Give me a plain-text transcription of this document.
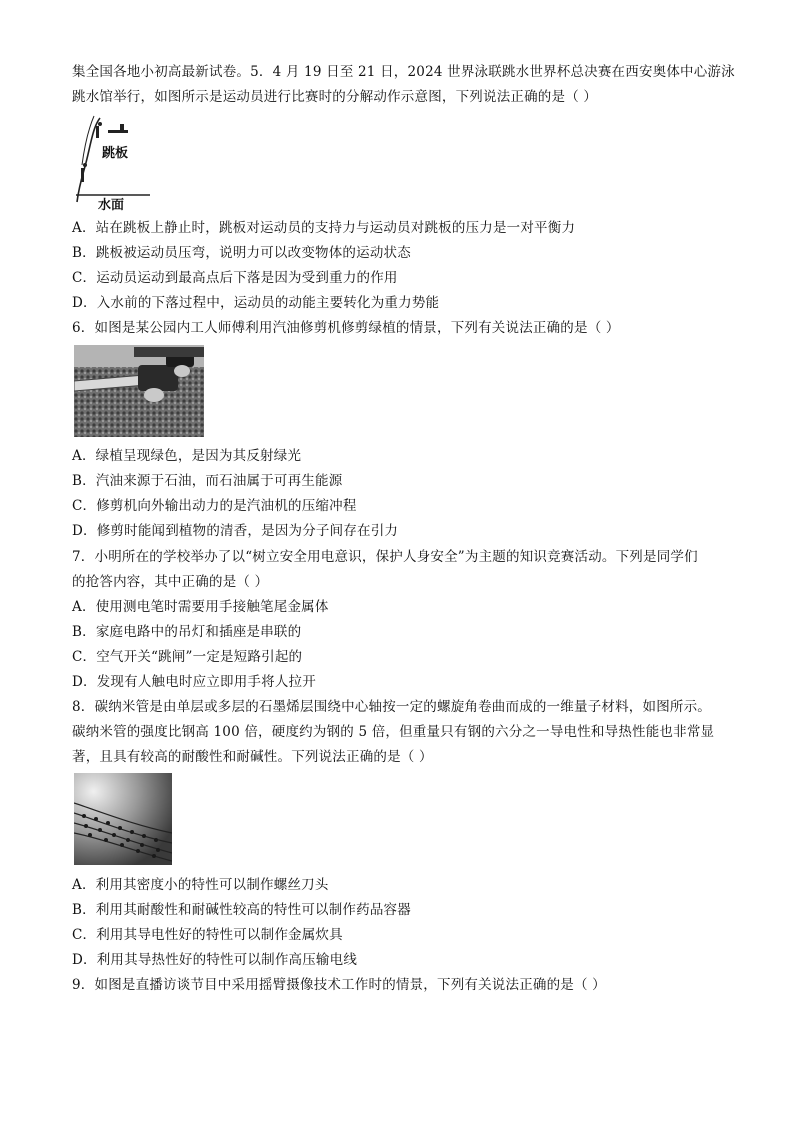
集全国各地小初高最新试卷。5．4 月 19 日至 21 日，2024 世界泳联跳水世界杯总决赛在西安奥体中心游泳
跳水馆举行，如图所示是运动员进行比赛时的分解动作示意图，下列说法正确的是（ ）
跳板
水面
A．站在跳板上静止时，跳板对运动员的支持力与运动员对跳板的压力是一对平衡力
B．跳板被运动员压弯，说明力可以改变物体的运动状态
C．运动员运动到最高点后下落是因为受到重力的作用
D．入水前的下落过程中，运动员的动能主要转化为重力势能
6．如图是某公园内工人师傅利用汽油修剪机修剪绿植的情景，下列有关说法正确的是（ ）
A．绿植呈现绿色，是因为其反射绿光
B．汽油来源于石油，而石油属于可再生能源
C．修剪机向外输出动力的是汽油机的压缩冲程
D．修剪时能闻到植物的清香，是因为分子间存在引力
7．小明所在的学校举办了以“树立安全用电意识，保护人身安全”为主题的知识竞赛活动。下列是同学们
的抢答内容，其中正确的是（ ）
A．使用测电笔时需要用手接触笔尾金属体
B．家庭电路中的吊灯和插座是串联的
C．空气开关“跳闸”一定是短路引起的
D．发现有人触电时应立即用手将人拉开
8．碳纳米管是由单层或多层的石墨烯层围绕中心轴按一定的螺旋角卷曲而成的一维量子材料，如图所示。
碳纳米管的强度比钢高 100 倍，硬度约为钢的 5 倍，但重量只有钢的六分之一导电性和导热性能也非常显
著，且具有较高的耐酸性和耐碱性。下列说法正确的是（ ）
A．利用其密度小的特性可以制作螺丝刀头
B．利用其耐酸性和耐碱性较高的特性可以制作药品容器
C．利用其导电性好的特性可以制作金属炊具
D．利用其导热性好的特性可以制作高压输电线
9．如图是直播访谈节目中采用摇臂摄像技术工作时的情景，下列有关说法正确的是（ ）
